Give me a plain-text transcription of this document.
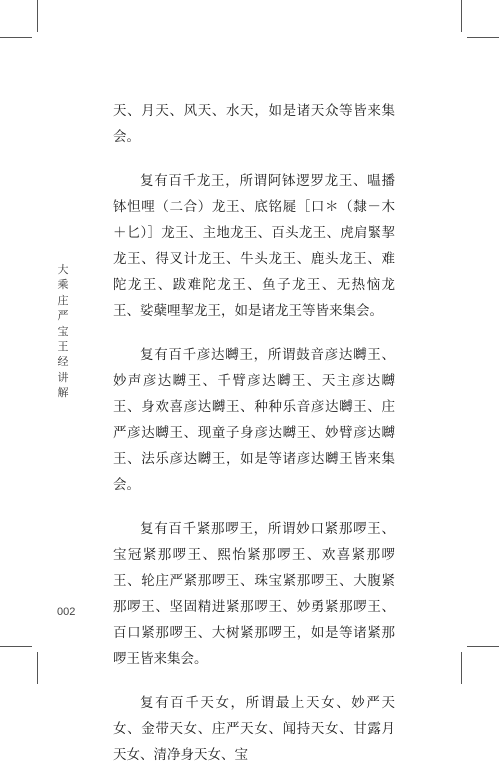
大乘庄严宝王经讲解

天、月天、风天、水天，如是诸天众等皆来集会。

复有百千龙王，所谓阿钵逻罗龙王、嗢播钵怛哩（二合）龙王、底铭屣［口＊（隸－木＋匕）］龙王、主地龙王、百头龙王、虎肩緊挈龙王、得叉计龙王、牛头龙王、鹿头龙王、难陀龙王、跋难陀龙王、鱼子龙王、无热恼龙王、娑蘖哩挈龙王，如是诸龙王等皆来集会。

复有百千彦达嚩王，所谓鼓音彦达嚩王、妙声彦达嚩王、千臂彦达嚩王、天主彦达嚩王、身欢喜彦达嚩王、种种乐音彦达嚩王、庄严彦达嚩王、现童子身彦达嚩王、妙臂彦达嚩王、法乐彦达嚩王，如是等诸彦达嚩王皆来集会。

复有百千紧那啰王，所谓妙口紧那啰王、宝冠紧那啰王、熙怡紧那啰王、欢喜紧那啰王、轮庄严紧那啰王、珠宝紧那啰王、大腹紧那啰王、坚固精进紧那啰王、妙勇紧那啰王、百口紧那啰王、大树紧那啰王，如是等诸紧那啰王皆来集会。

复有百千天女，所谓最上天女、妙严天女、金带天女、庄严天女、闻持天女、甘露月天女、清净身天女、宝

002
